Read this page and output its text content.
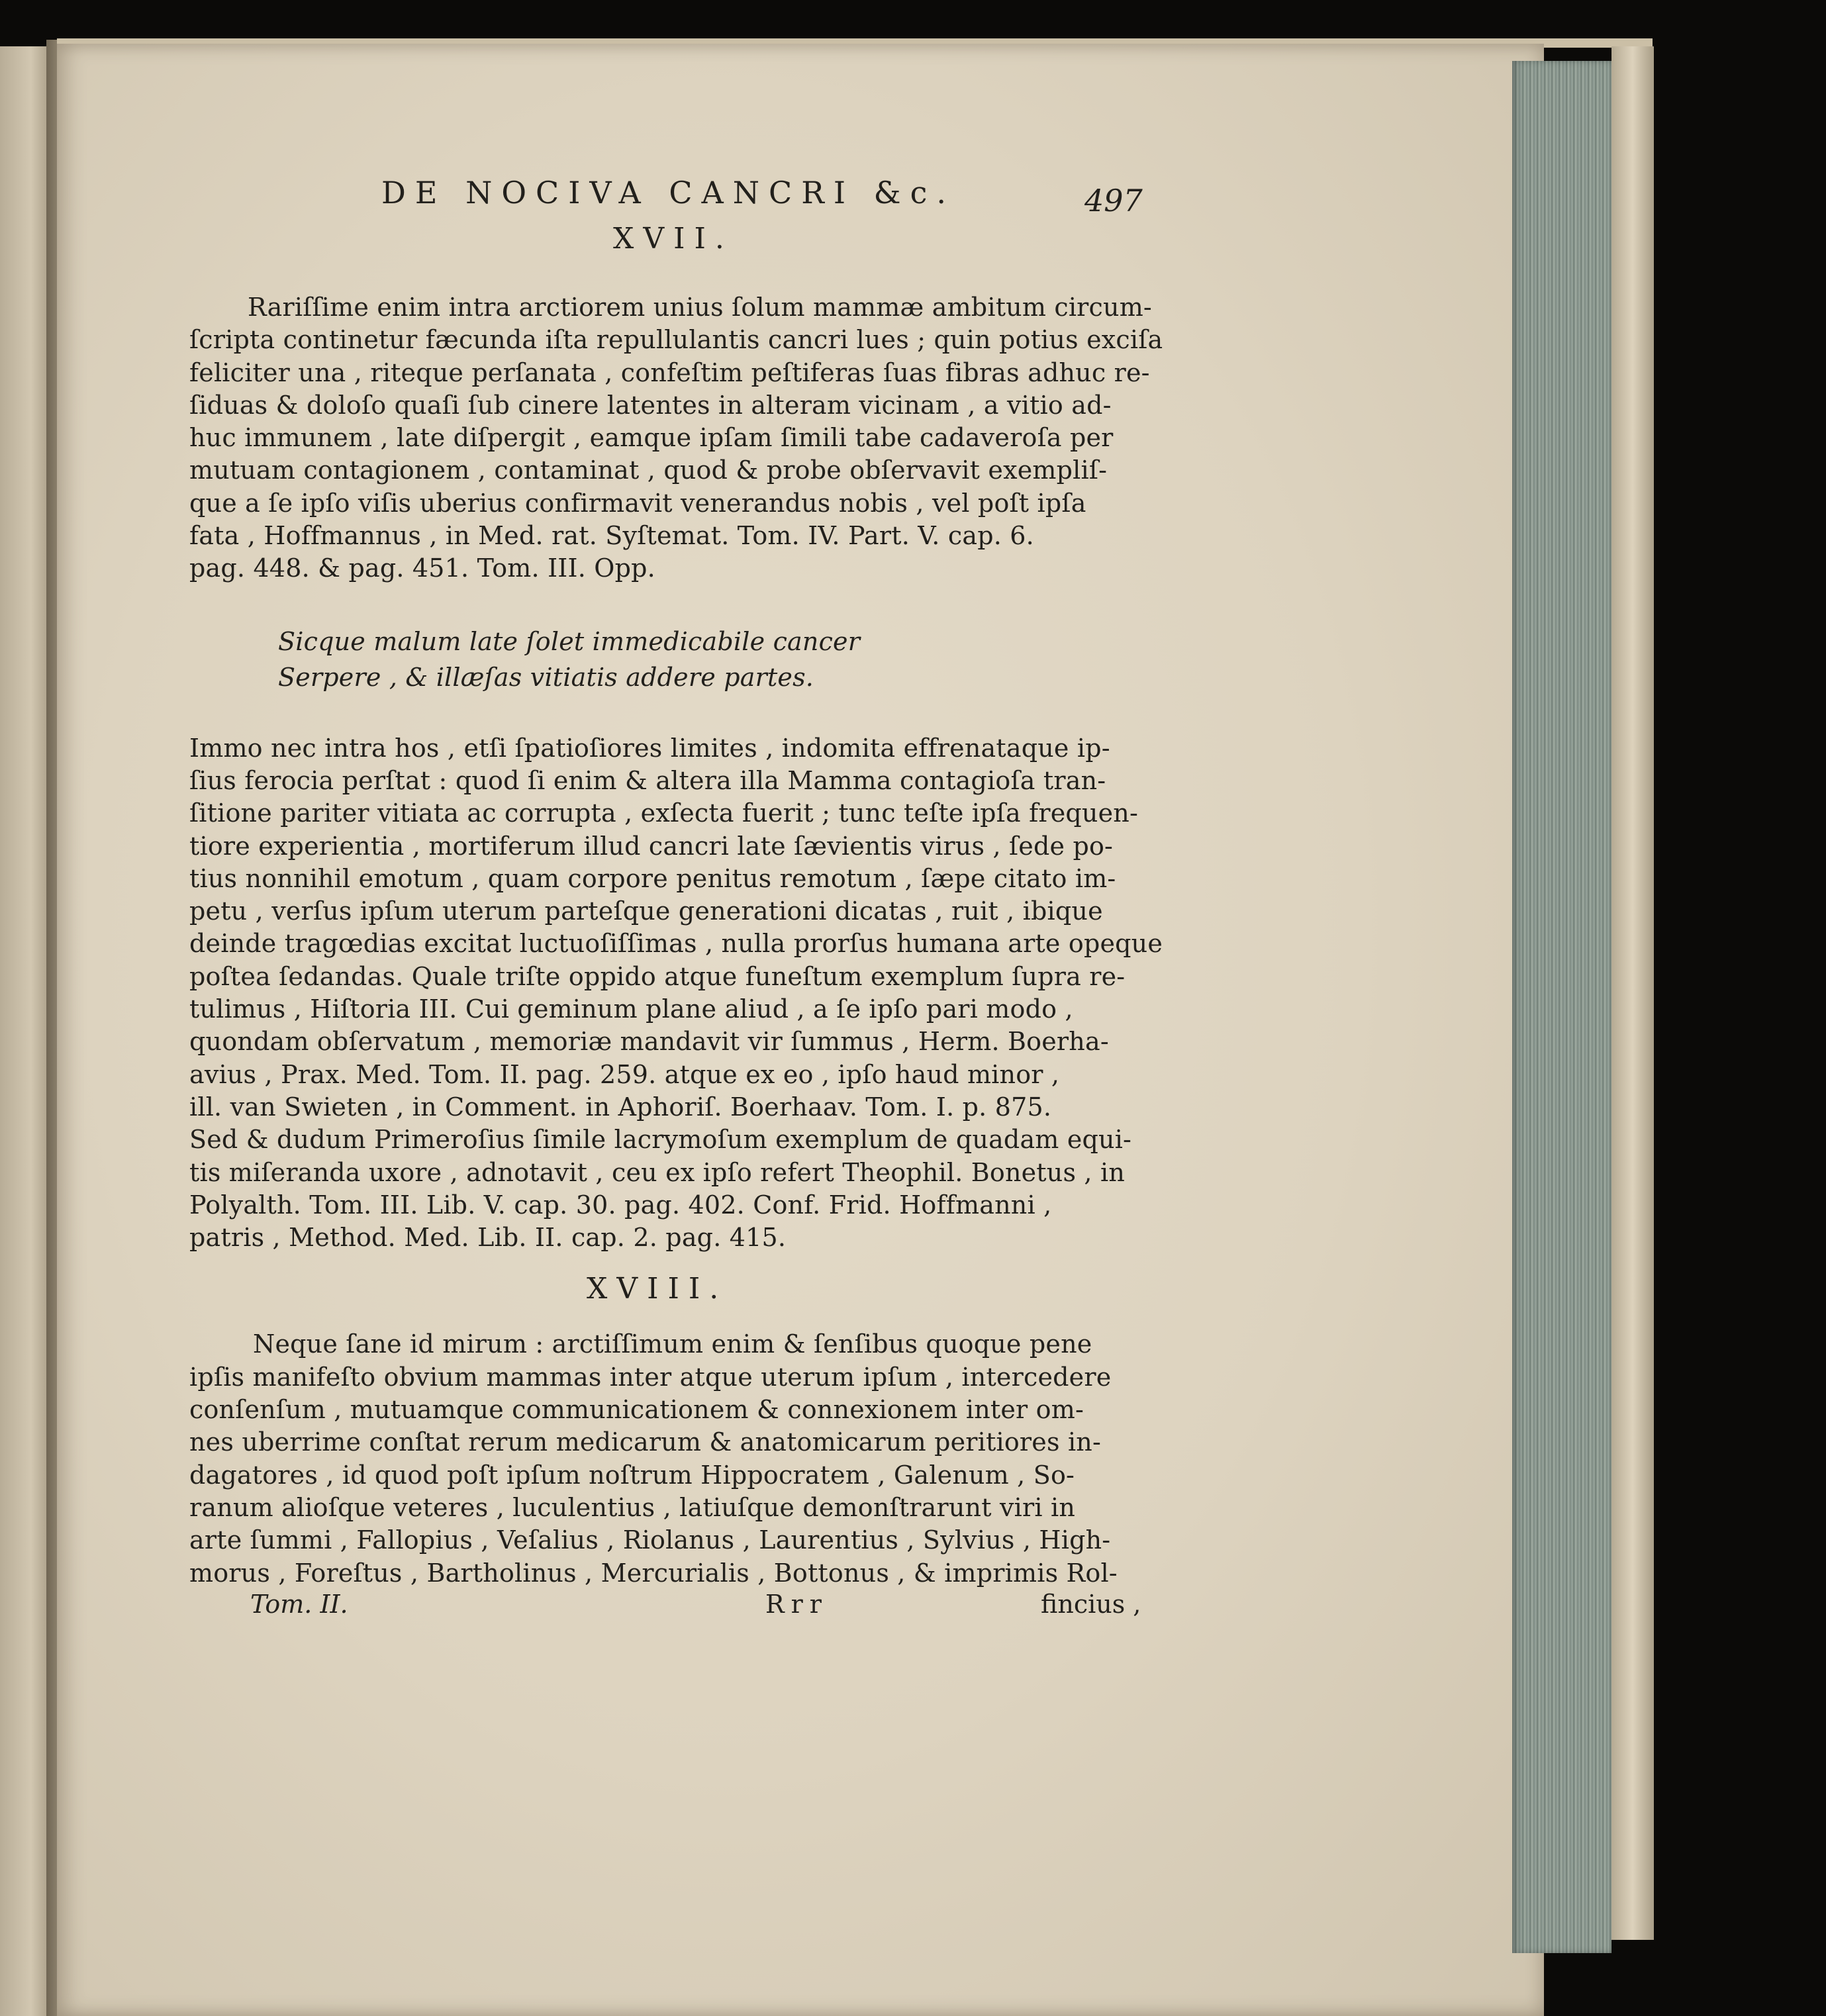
DE NOCIVA CANCRI &c.	497
XVII.
Rariſſime enim intra arctiorem unius ſolum mammæ ambitum circum-
ſcripta continetur fæcunda iſta repullulantis cancri lues ; quin potius exciſa
feliciter una , riteque perſanata , confeſtim peſtiferas ſuas fibras adhuc re-
ſiduas & doloſo quaſi ſub cinere latentes in alteram vicinam , a vitio ad-
huc immunem , late diſpergit , eamque ipſam ſimili tabe cadaveroſa per
mutuam contagionem , contaminat , quod & probe obſervavit exempliſ-
que a ſe ipſo viſis uberius confirmavit venerandus nobis , vel poſt ipſa
fata , Hoffmannus , in Med. rat. Syſtemat. Tom. IV. Part. V. cap. 6.
pag. 448. & pag. 451. Tom. III. Opp.
Sicque malum late ſolet immedicabile cancer
Serpere , & illæſas vitiatis addere partes.
Immo nec intra hos , etſi ſpatioſiores limites , indomita effrenataque ip-
ſius ferocia perſtat : quod ſi enim & altera illa Mamma contagioſa tran-
ſitione pariter vitiata ac corrupta , exſecta fuerit ; tunc teſte ipſa frequen-
tiore experientia , mortiferum illud cancri late ſævientis virus , ſede po-
tius nonnihil emotum , quam corpore penitus remotum , ſæpe citato im-
petu , verſus ipſum uterum parteſque generationi dicatas , ruit , ibique
deinde tragœdias excitat luctuoſiſſimas , nulla prorſus humana arte opeque
poſtea ſedandas. Quale triſte oppido atque funeſtum exemplum ſupra re-
tulimus , Hiſtoria III. Cui geminum plane aliud , a ſe ipſo pari modo ,
quondam obſervatum , memoriæ mandavit vir ſummus , Herm. Boerha-
avius , Prax. Med. Tom. II. pag. 259. atque ex eo , ipſo haud minor ,
ill. van Swieten , in Comment. in Aphoriſ. Boerhaav. Tom. I. p. 875.
Sed & dudum Primeroſius ſimile lacrymoſum exemplum de quadam equi-
tis miſeranda uxore , adnotavit , ceu ex ipſo refert Theophil. Bonetus , in
Polyalth. Tom. III. Lib. V. cap. 30. pag. 402. Conf. Frid. Hoffmanni ,
patris , Method. Med. Lib. II. cap. 2. pag. 415.
XVIII.
Neque ſane id mirum : arctiſſimum enim & ſenſibus quoque pene
ipſis manifeſto obvium mammas inter atque uterum ipſum , intercedere
conſenſum , mutuamque communicationem & connexionem inter om-
nes uberrime conſtat rerum medicarum & anatomicarum peritiores in-
dagatores , id quod poſt ipſum noſtrum Hippocratem , Galenum , So-
ranum alioſque veteres , luculentius , latiuſque demonſtrarunt viri in
arte ſummi , Fallopius , Veſalius , Riolanus , Laurentius , Sylvius , High-
morus , Foreſtus , Bartholinus , Mercurialis , Bottonus , & imprimis Rol-
Tom. II.	Rrr	fincius ,
